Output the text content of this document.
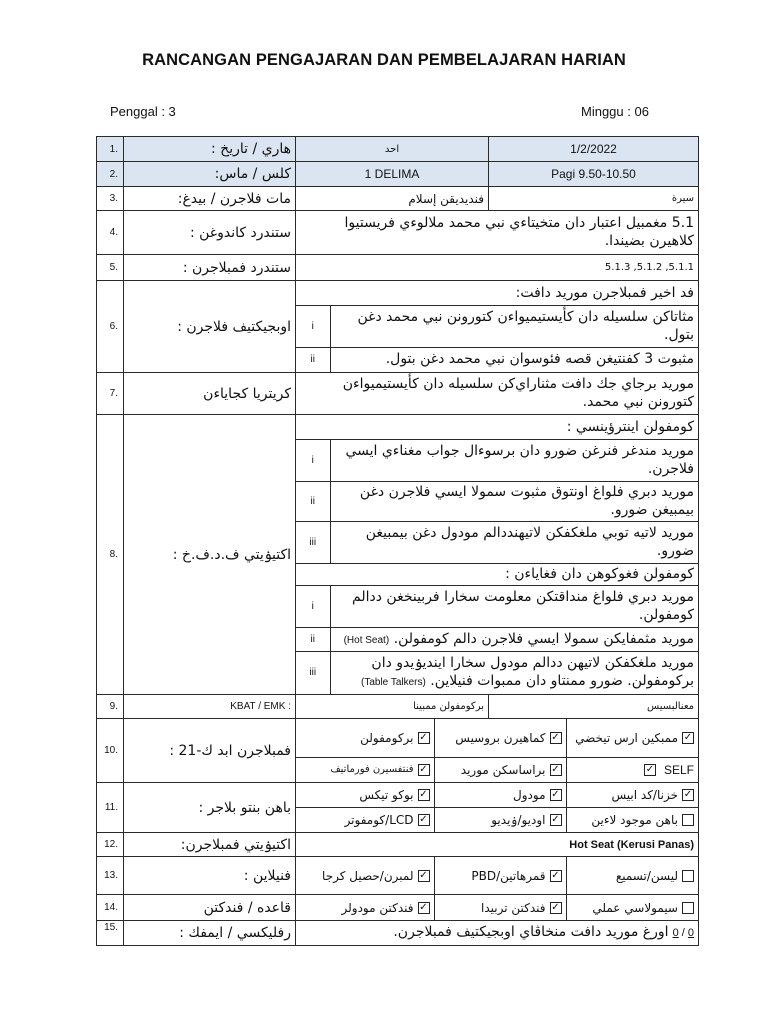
RANCANGAN PENGAJARAN DAN PEMBELAJARAN HARIAN
Penggal : 3	Minggu : 06
1.	هاري / تاريخ :	احد	1/2/2022
2.	كلس / ماس:	1 DELIMA	Pagi 9.50-10.50
3.	مات فلاجرن / بيدغ:	فنديديقن إسلام	سيرة
4.	ستندرد كاندوغن :	5.1 مغمبيل اعتبار دان متخيتاءي نبي محمد ملالوءي فريستيوا كلاهيرن بضيندا.
5.	ستندرد فمبلاجرن :	5.1.1, 5.1.2, 5.1.3
6.	اوبجيکتيف فلاجرن :	
فد اخير فمبلاجرن موريد دافت:
i	مثاتاكن سلسيله دان كأيستيميواءن كتورونن نبي محمد دغن بتول.
ii	مثبوت 3 كفنتيغن قصه فئوسوان نبي محمد دغن بتول.

7.	كريتريا كجاياءن	موريد برجاي جك دافت مثناراي‌كن سلسيله دان كأيستيميواءن كتورونن نبي محمد.
8.	اكتيۏيتي ف.د.ف.خ :	
كومفولن اينترؤينسي :
i	موريد مندغر فنرغن ضورو دان برسوءال جواب مغناءي ايسي فلاجرن.
ii	موريد دبري فلواغ اونتوق مثبوت سمولا ايسي فلاجرن دغن بيمبيغن ضورو.
iii	موريد لاتيه توبي ملغكفكن لاتيهنددالم مودول دغن بيمبيغن ضورو.
كومفولن فغوكوهن دان فغاياءن :
i	موريد دبري فلواغ منداقتكن معلومت سخارا فربينخغن ددالم كومفولن.
ii	موريد مثمفايكن سمولا ايسي فلاجرن دالم كومفولن. (Hot Seat)
iii	موريد ملغكفكن لاتيهن ددالم مودول سخارا اينديۏيدو دان بركومفولن. ضورو ممنتاو دان ممبوات فنيلاين. (Table Talkers)

9.	KBAT / EMK :	برکومفولن ممبينا	معنالبسيس
10.	فمبلاجرن ابد ك-21 :	
بركومفولن ✓	كماهيرن بروسيس ✓	ممبكين ارس تيخضي ✓

فنتفسيرن فورماتيف ✓	براساسكن موريد ✓	✓ SELF

11.	باهن بنتو بلاجر :	
بوكو تيكس ✓	مودول ✓	خزنا/كد ابيس ✓

LCD/كومفوتر ✓	اوديو/ۏيديو ✓	باهن موجود لاءين

12.	اكتيۏيتي فمبلاجرن:	Hot Seat (Kerusi Panas)
13.	فنيلاين :		لمبرن/حصيل كرجا ✓	قمرهاتين/PBD ✓	ليسن/تسميع

14.	قاعده / فندكتن		فندكتن مودولر ✓	فندكتن تربيدا ✓	سيمولاسي عملي

15.	رفليكسي / ايمفك :	اورغ موريد دافت منخاڤاي اوبجيکتيف فمبلاجرن. 0 / 0
